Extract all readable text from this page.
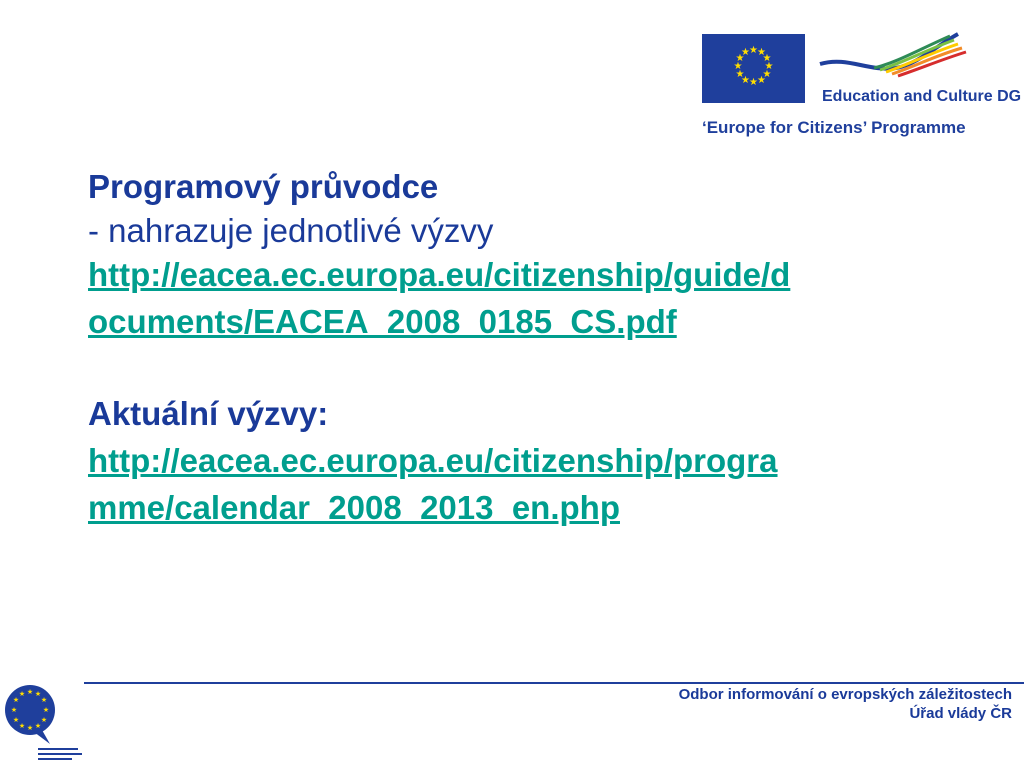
★ ★
★
★
★
★
★
★
★
★
★
★
Education and Culture DG
‘Europe for Citizens’ Programme
Programový průvodce

- nahrazuje jednotlivé výzvy

http://eacea.ec.europa.eu/citizenship/guide/d
ocuments/EACEA_2008_0185_CS.pdf
Aktuální výzvy:
http://eacea.ec.europa.eu/citizenship/progra
mme/calendar_2008_2013_en.php
★ ★
★
★
★
★
★
★
★
★
★
★	Odbor informování o evropských záležitostech
Úřad vlády ČR
